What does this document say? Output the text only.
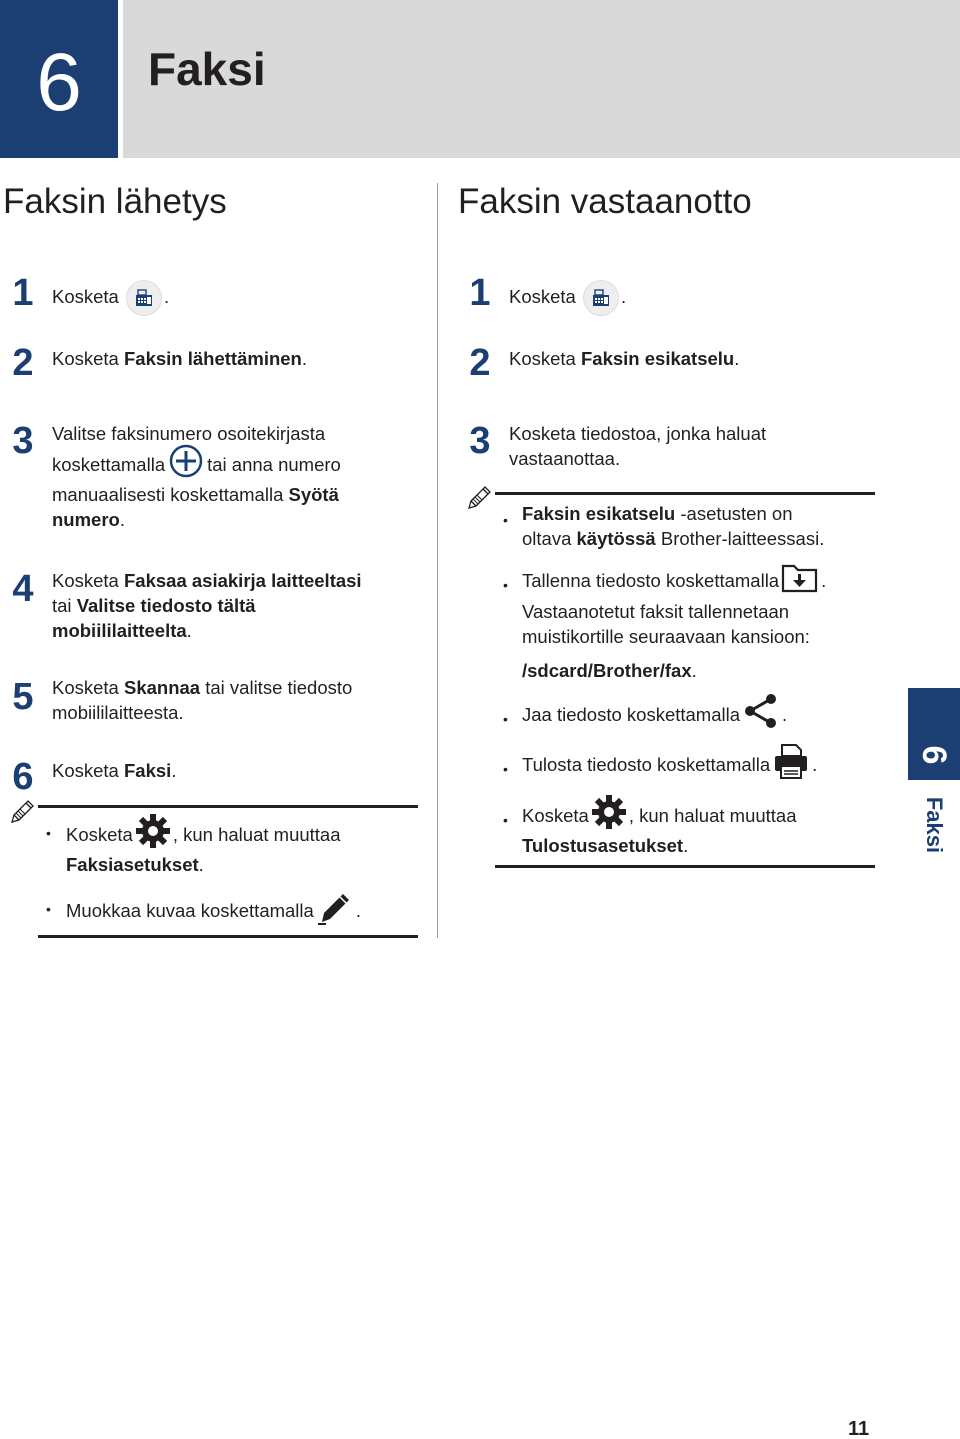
6	Faksi
Faksin lähetys	Faksin vastaanotto
1 Kosketa
.
2 Kosketa Faksin lähettäminen.
3 Valitse faksinumero osoitekirjasta
koskettamalla tai anna numero
manuaalisesti koskettamalla Syötä
numero.
4 Kosketa Faksaa asiakirja laitteeltasi
tai Valitse tiedosto tältä
mobiililaitteelta.
5 Kosketa Skannaa tai valitse tiedosto
mobiililaitteesta.
6 Kosketa Faksi.
• Kosketa , kun haluat muuttaa
Faksiasetukset.
• Muokkaa kuvaa koskettamalla .
1 Kosketa
.
2 Kosketa Faksin esikatselu.
3 Kosketa tiedostoa, jonka haluat
vastaanottaa.
• Faksin esikatselu -asetusten on
oltava käytössä Brother-laitteessasi.
• Tallenna tiedosto koskettamalla .
Vastaanotetut faksit tallennetaan
muistikortille seuraavaan kansioon:
/sdcard/Brother/fax.
• Jaa tiedosto koskettamalla .
• Tulosta tiedosto koskettamalla .
• Kosketa , kun haluat muuttaa
Tulostusasetukset.
6
Faksi
11
